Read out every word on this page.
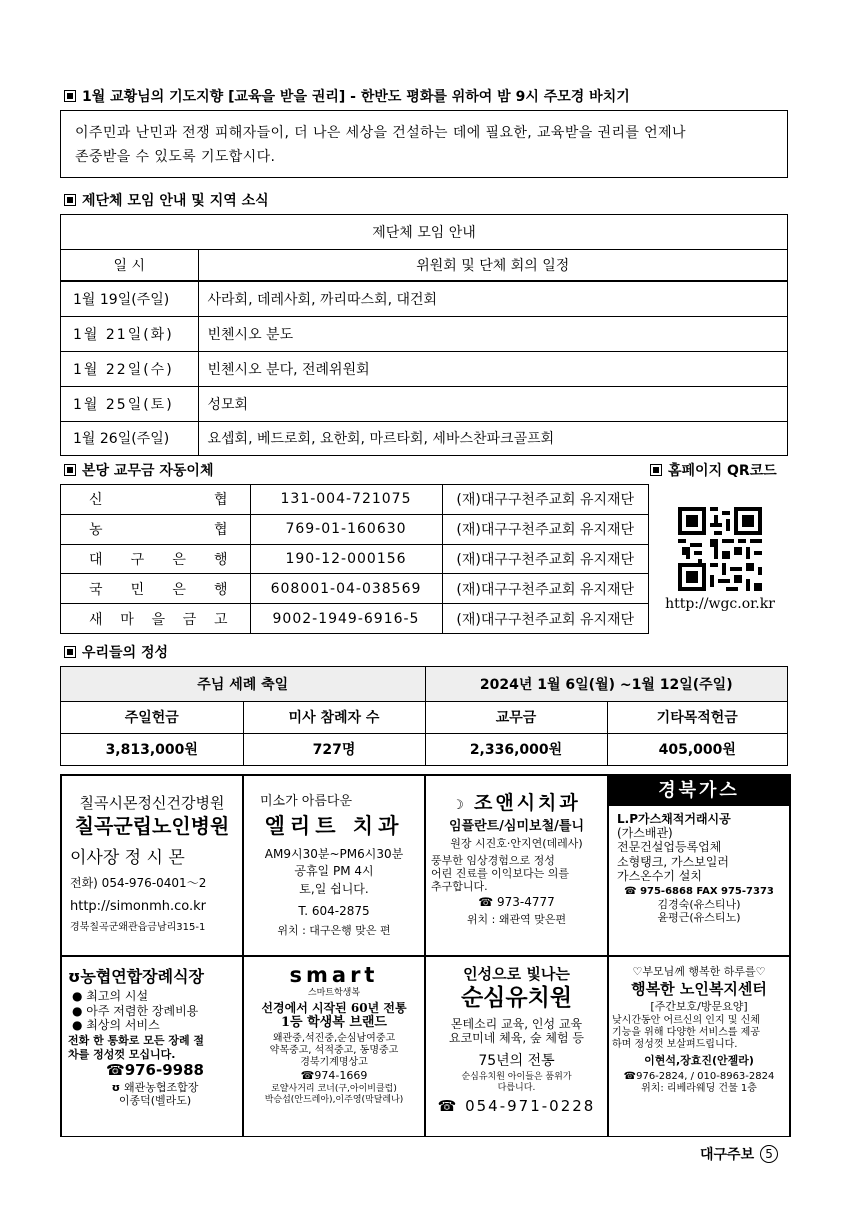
1월 교황님의 기도지향 [교육을 받을 권리] - 한반도 평화를 위하여 밤 9시 주모경 바치기
이주민과 난민과 전쟁 피해자들이, 더 나은 세상을 건설하는 데에 필요한, 교육받을 권리를 언제나
존중받을 수 있도록 기도합시다.
제단체 모임 안내 및 지역 소식
제단체 모임 안내	
일 시	위원회 및 단체 회의 일정
1월 19일(주일)	사라회, 데레사회, 까리따스회, 대건회
1월 21일(화)	빈첸시오 분도
1월 22일(수)	빈첸시오 분다, 전례위원회
1월 25일(토)	성모회
1월 26일(주일)	요셉회, 베드로회, 요한회, 마르타회, 세바스찬파크골프회
본당 교무금 자동이체	홈페이지 QR코드
신 협	131-004-721075	(재)대구구천주교회 유지재단

농 협	769-01-160630	(재)대구구천주교회 유지재단

대 구 은 행	190-12-000156	(재)대구구천주교회 유지재단

국 민 은 행	608001-04-038569	(재)대구구천주교회 유지재단

새 마 을 금 고	9002-1949-6916-5	(재)대구구천주교회 유지재단
http://wgc.or.kr
우리들의 정성
주님 세례 축일		2024년 1월 6일(월) ~1월 12일(주일)	
주일헌금	미사 참례자 수	교무금	기타목적헌금
3,813,000원	727명	2,336,000원	405,000원
칠곡시몬정신건강병원
칠곡군립노인병원
이사장 정 시 몬
전화) 054-976-0401～2
http://simonmh.co.kr
경북칠곡군왜관읍금남리315-1
미소가 아름다운
엘리트 치과
AM9시30분~PM6시30분
공휴일 PM 4시
토,일 쉽니다.
T. 604-2875
위치 : 대구은행 맞은 편
☽ 조앤시치과
임플란트/심미보철/틀니
원장 시진호·안지연(데레사)
풍부한 임상경험으로 정성
어린 진료를 이익보다는 의를
추구합니다.
☎ 973-4777
위치 : 왜관역 맞은편
경북가스
L.P가스채적거래시공
(가스배관)
전문건설업등록업체
소형탱크, 가스보일러
가스온수기 설치
☎ 975-6868 FAX 975-7373
김경숙(유스티나)
윤평근(유스티노)
ʊ농협연합장례식장
● 최고의 시설
● 아주 저렴한 장례비용
● 최상의 서비스
전화 한 통화로 모든 장례 절
차를 정성껏 모십니다.
☎976-9988
ʊ 왜관농협조합장
이종덕(벨라도)
smart
스마트학생복
선경에서 시작된 60년 전통
1등 학생복 브랜드
왜관중,석진중,순심남여중고
약목중고, 석적중고, 동명중고
경북기계명상고
☎974-1669
로얄사거리 코너(구,아이비클럽)
박승섭(안드레아),이주영(막달레나)
인성으로 빛나는
순심유치원
몬테소리 교육, 인성 교육
요코미네 체육, 숲 체험 등
75년의 전통
순심유치원 아이들은 품위가
다릅니다.
☎ 054-971-0228
♡부모님께 행복한 하루를♡
행복한 노인복지센터
[주간보호/방문요양]
낮시간동안 어르신의 인지 및 신체
기능을 위해 다양한 서비스를 제공
하며 정성껏 보살펴드립니다.
이현석,장효진(안젤라)
☎976-2824, / 010-8963-2824
위치: 리베라웨딩 건물 1층
대구주보 5
